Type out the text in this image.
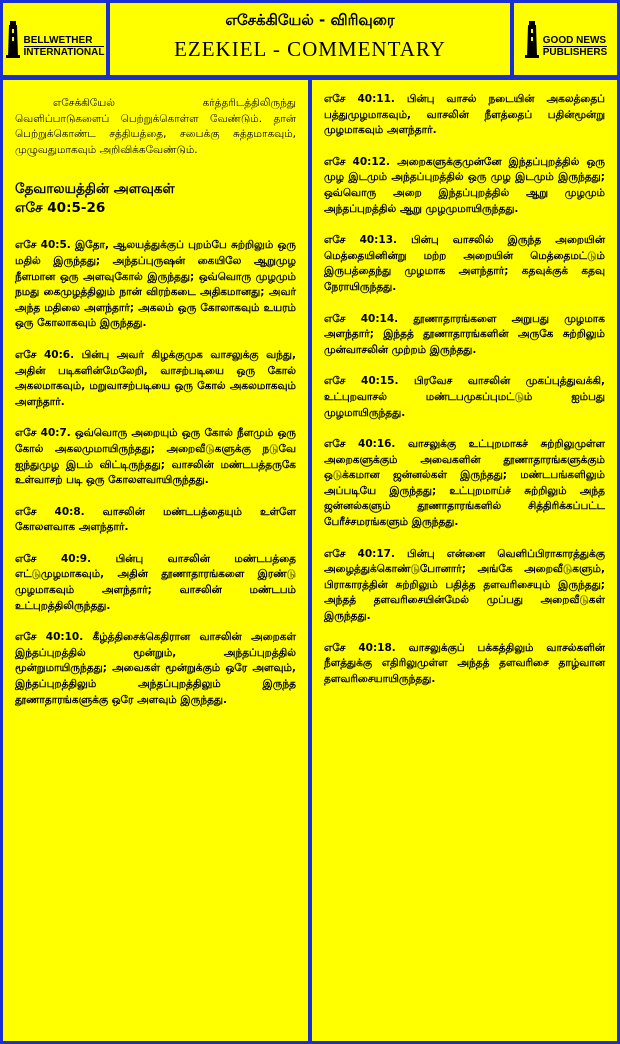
BELLWETHER
INTERNATIONAL
எசேக்கியேல் - விரிவுரை
EZEKIEL - COMMENTARY	GOOD NEWS
PUBLISHERS

எசேக்கியேல் கர்த்தரிடத்திலிருந்து வெளிப்பாடுகளைப் பெற்றுக்கொள்ள வேண்டும். தான் பெற்றுக்கொண்ட சத்தியத்தை, சபைக்கு சுத்தமாகவும், முழுவதுமாகவும் அறிவிக்கவேண்டும்.

தேவாலயத்தின் அளவுகள்
எசே 40:5-26

எசே 40:5. இதோ, ஆலயத்துக்குப் புறம்பே சுற்றிலும் ஒரு மதில் இருந்தது; அந்தப்புருஷன் கையிலே ஆறுமுழ நீளமான ஒரு அளவுகோல் இருந்தது; ஒவ்வொரு முழமும் நமது கைமுழத்திலும் நான் விரற்கடை அதிகமானது; அவர் அந்த மதிலை அளந்தார்; அகலம் ஒரு கோலாகவும் உயரம் ஒரு கோலாகவும் இருந்தது.

எசே 40:6. பின்பு அவர் கிழக்குமுக வாசலுக்கு வந்து, அதின் படிகளின்மேலேறி, வாசற்படியை ஒரு கோல் அகலமாகவும், மறுவாசற்படியை ஒரு கோல் அகலமாகவும் அளந்தார்.

எசே 40:7. ஒவ்வொரு அறையும் ஒரு கோல் நீளமும் ஒரு கோல் அகலமுமாயிருந்தது; அறைவீடுகளுக்கு நடுவே ஐந்துமுழ இடம் விட்டிருந்தது; வாசலின் மண்டபத்தருகே உள்வாசற் படி ஒரு கோலளவாயிருந்தது.

எசே 40:8. வாசலின் மண்டபத்தையும் உள்ளே கோலளவாக அளந்தார்.

எசே 40:9. பின்பு வாசலின் மண்டபத்தை எட்டுமுழமாகவும், அதின் தூணாதாரங்களை இரண்டு முழமாகவும் அளந்தார்; வாசலின் மண்டபம் உட்புறத்திலிருந்தது.

எசே 40:10. கீழ்த்திசைக்கெதிரான வாசலின் அறைகள் இந்தப்புறத்தில் மூன்றும், அந்தப்புறத்தில் மூன்றுமாயிருந்தது; அவைகள் மூன்றுக்கும் ஒரே அளவும், இந்தப்புறத்திலும் அந்தப்புறத்திலும் இருந்த தூணாதாரங்களுக்கு ஒரே அளவும் இருந்தது.

எசே 40:11. பின்பு வாசல் நடையின் அகலத்தைப் பத்துமுழமாகவும், வாசலின் நீளத்தைப் பதின்மூன்று முழமாகவும் அளந்தார்.

எசே 40:12. அறைகளுக்குமுன்னே இந்தப்புறத்தில் ஒரு முழ இடமும் அந்தப்புறத்தில் ஒரு முழ இடமும் இருந்தது; ஒவ்வொரு அறை இந்தப்புறத்தில் ஆறு முழமும் அந்தப்புறத்தில் ஆறு முழமுமாயிருந்தது.

எசே 40:13. பின்பு வாசலில் இருந்த அறையின் மெத்தையினின்று மற்ற அறையின் மெத்தைமட்டும் இருபத்தைந்து முழமாக அளந்தார்; கதவுக்குக் கதவு நேராயிருந்தது.

எசே 40:14. தூணாதாரங்களை அறுபது முழமாக அளந்தார்; இந்தத் தூணாதாரங்களின் அருகே சுற்றிலும் முன்வாசலின் முற்றம் இருந்தது.

எசே 40:15. பிரவேச வாசலின் முகப்புத்துவக்கி, உட்புறவாசல் மண்டபமுகப்புமட்டும் ஐம்பது முழமாயிருந்தது.

எசே 40:16. வாசலுக்கு உட்புறமாகச் சுற்றிலுமுள்ள அறைகளுக்கும் அவைகளின் தூணாதாரங்களுக்கும் ஒடுக்கமான ஜன்னல்கள் இருந்தது; மண்டபங்களிலும் அப்படியே இருந்தது; உட்புறமாய்ச் சுற்றிலும் அந்த ஜன்னல்களும் தூணாதாரங்களில் சித்திரிக்கப்பட்ட பேரீச்சமரங்களும் இருந்தது.

எசே 40:17. பின்பு என்னை வெளிப்பிராகாரத்துக்கு அழைத்துக்கொண்டுபோனார்; அங்கே அறைவீடுகளும், பிராகாரத்தின் சுற்றிலும் பதித்த தளவரிசையும் இருந்தது; அந்தத் தளவரிசையின்மேல் முப்பது அறைவீடுகள் இருந்தது.

எசே 40:18. வாசலுக்குப் பக்கத்திலும் வாசல்களின் நீளத்துக்கு எதிரிலுமுள்ள அந்தத் தளவரிசை தாழ்வான தளவரிசையாயிருந்தது.
